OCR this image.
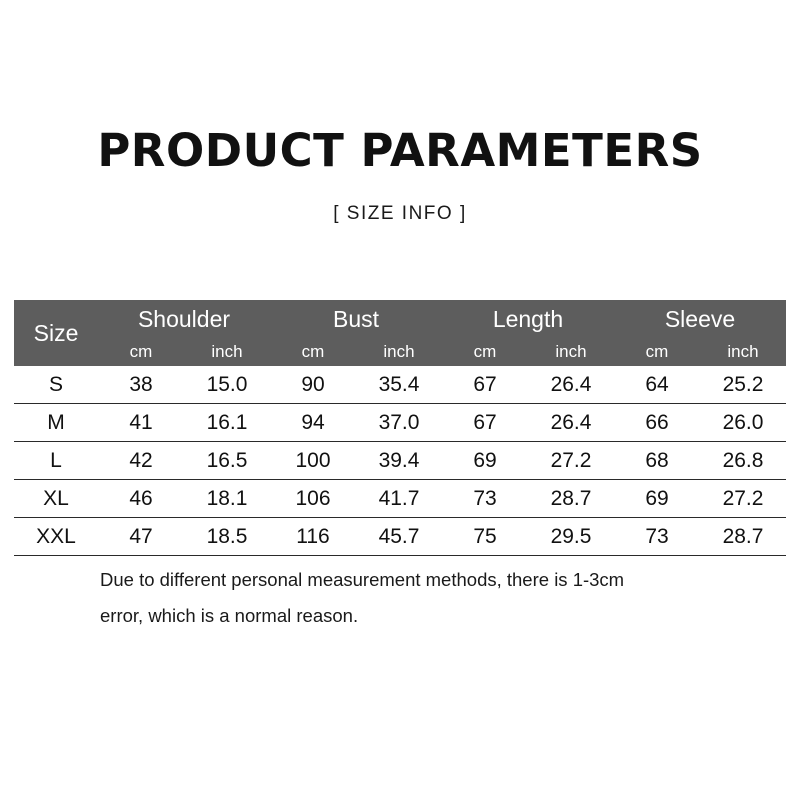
PRODUCT PARAMETERS
[ SIZE INFO ]
Size	Shoulder		Bust		Length		Sleeve	
	cm	inch	cm	inch	cm	inch	cm	inch
S	38	15.0	90	35.4	67	26.4	64	25.2
M	41	16.1	94	37.0	67	26.4	66	26.0
L	42	16.5	100	39.4	69	27.2	68	26.8
XL	46	18.1	106	41.7	73	28.7	69	27.2
XXL	47	18.5	116	45.7	75	29.5	73	28.7
Due to different personal measurement methods, there is 1-3cm
error, which is a normal reason.
